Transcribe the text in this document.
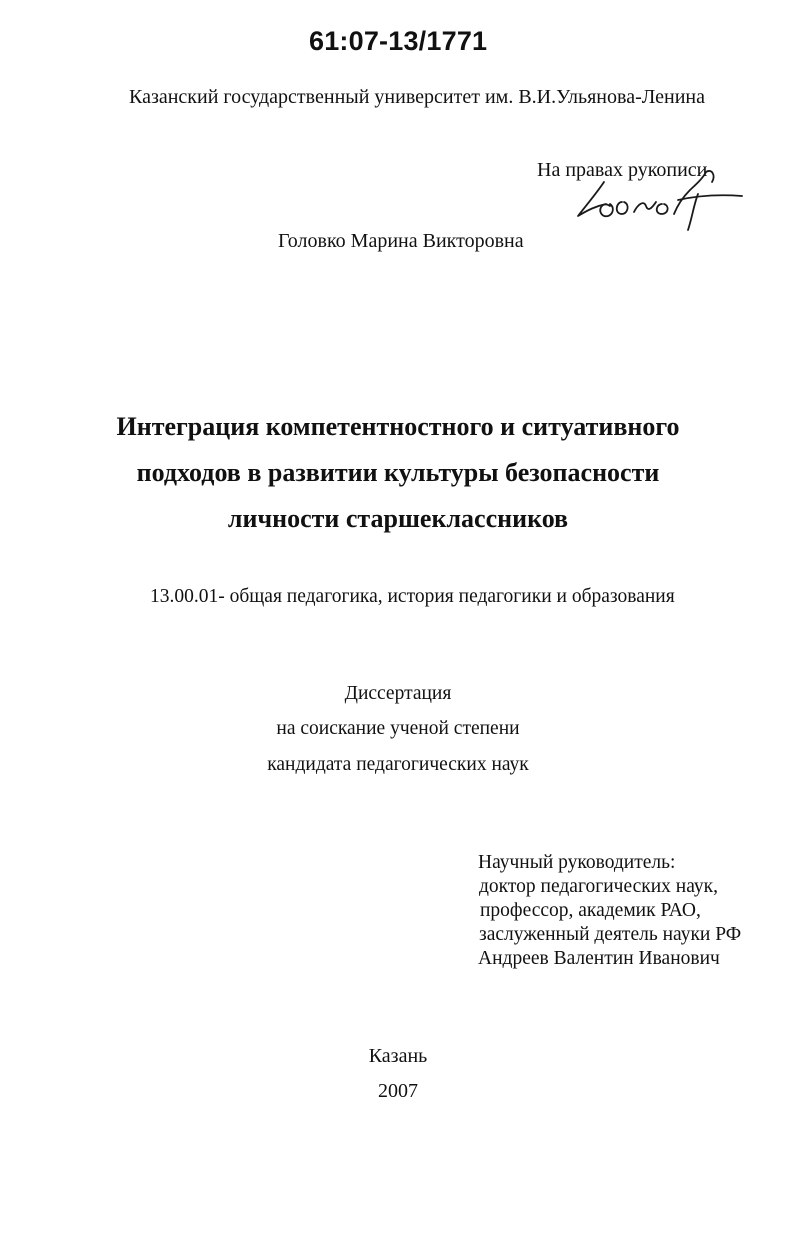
61:07-13/1771
Казанский государственный университет им. В.И.Ульянова-Ленина
На правах рукописи
Головко Марина Викторовна
Интеграция компетентностного и ситуативного
подходов в развитии культуры безопасности
личности старшеклассников
13.00.01- общая педагогика, история педагогики и образования
Диссертация
на соискание ученой степени
кандидата педагогических наук
Научный руководитель:
доктор педагогических наук,
профессор, академик РАО,
заслуженный деятель науки РФ
Андреев Валентин Иванович
Казань
2007
